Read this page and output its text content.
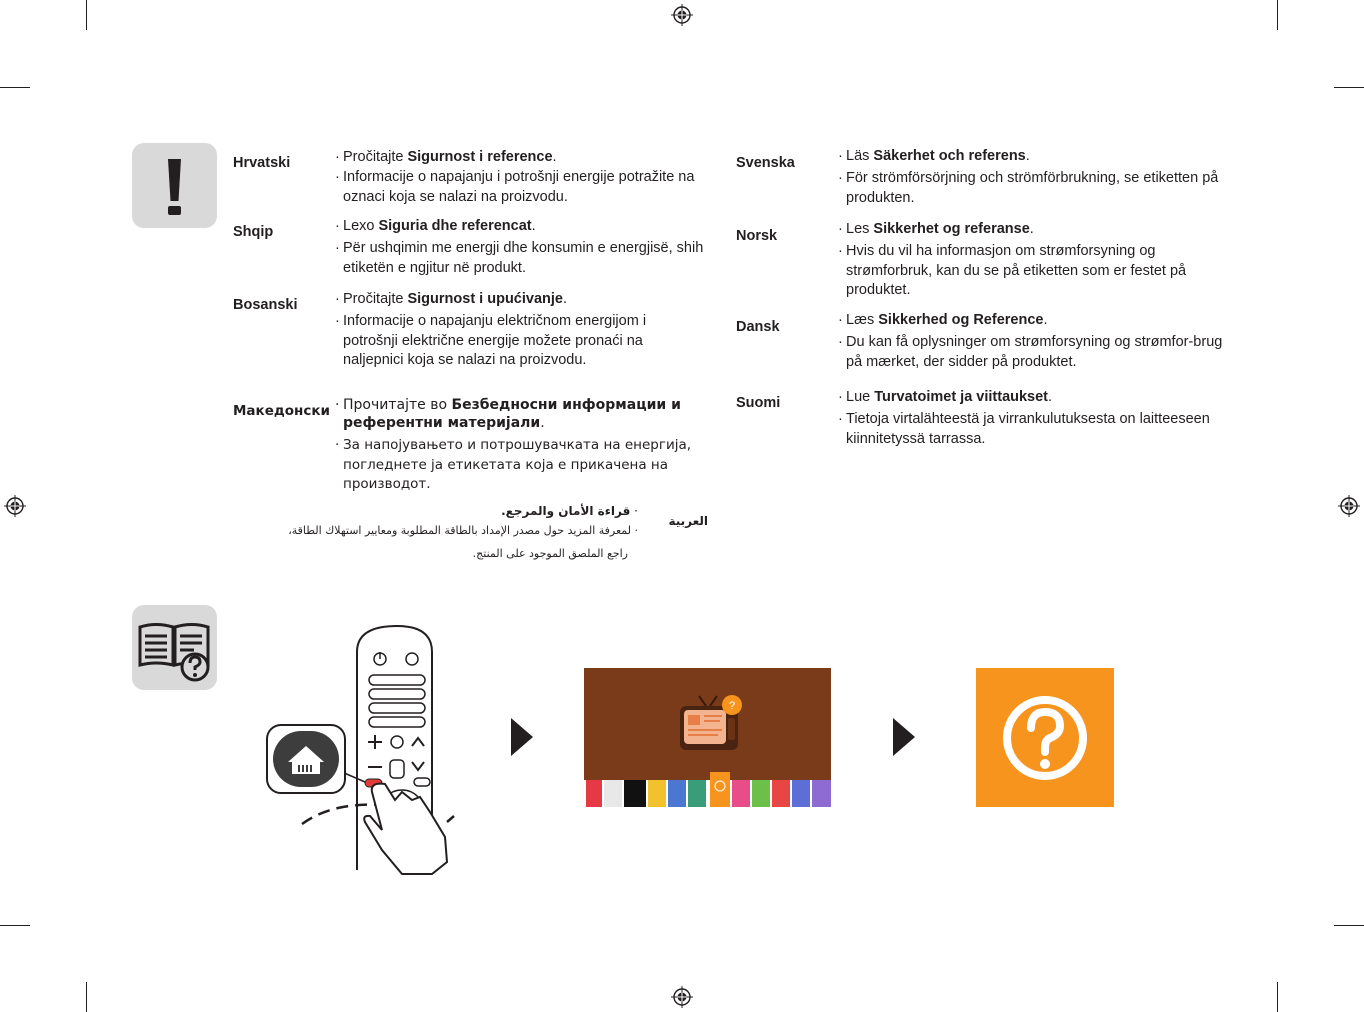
Hrvatski	· Pročitajte Sigurnost i reference.
· Informacije o napajanju i potrošnji energije potražite na oznaci koja se nalazi na proizvodu.
Shqip	· Lexo Siguria dhe referencat.
· Për ushqimin me energji dhe konsumin e energjisë, shih etiketën e ngjitur në produkt.
Bosanski	· Pročitajte Sigurnost i upućivanje.
· Informacije o napajanju električnom energijom i potrošnji električne energije možete pronaći na naljepnici koja se nalazi na proizvodu.
Македонски · Прочитајте во Безбедносни информации и референтни материјали.
· За напојувањето и потрошувачката на енергија, погледнете ја етикетата која е прикачена на производот.
العربية
· قراءة الأمان والمرجع.
· لمعرفة المزيد حول مصدر الإمداد بالطاقة المطلوبة ومعايير استهلاك الطاقة،
راجع الملصق الموجود على المنتج.
Svenska	· Läs Säkerhet och referens.
· För strömförsörjning och strömförbrukning, se etiketten på produkten.
Norsk	· Les Sikkerhet og referanse.
· Hvis du vil ha informasjon om strømforsyning og strømforbruk, kan du se på etiketten som er festet på produktet.
Dansk	· Læs Sikkerhed og Reference.
· Du kan få oplysninger om strømforsyning og strømfor-brug på mærket, der sidder på produktet.
Suomi	· Lue Turvatoimet ja viittaukset.
· Tietoja virtalähteestä ja virrankulutuksesta on laitteeseen kiinnitetyssä tarrassa.
?
